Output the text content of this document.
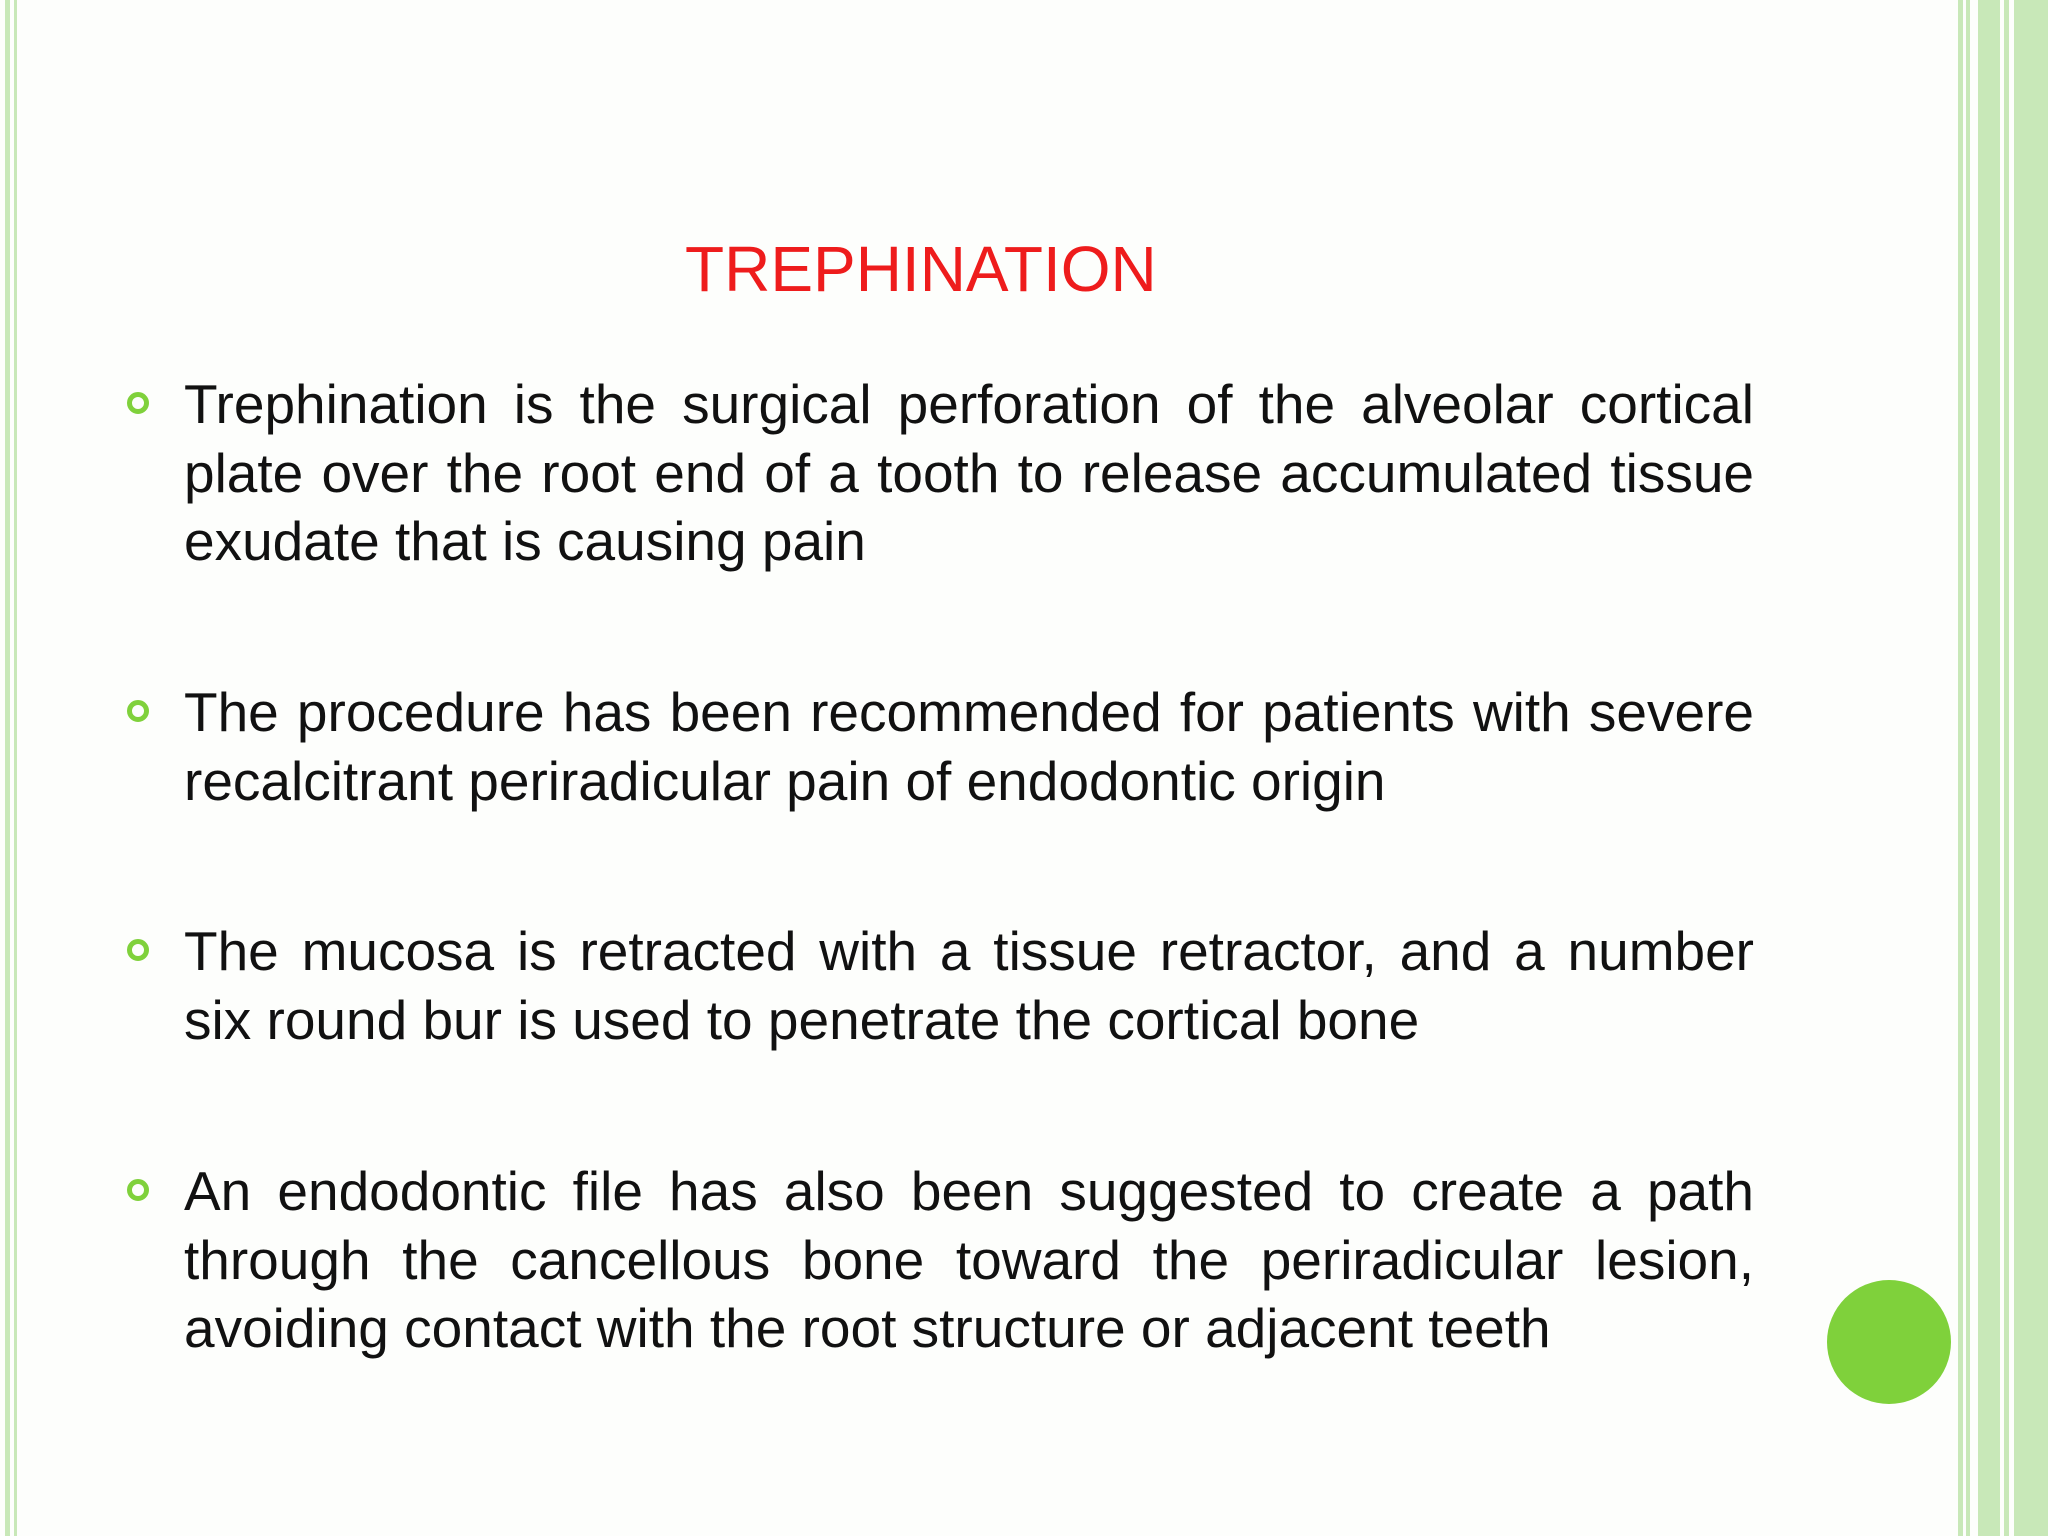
TREPHINATION
Trephination is the surgical perforation of the alveolar cortical plate over the root end of a tooth to release accumulated tissue exudate that is causing pain
The procedure has been recommended for patients with severe recalcitrant periradicular pain of endodontic origin
The mucosa is retracted with a tissue retractor, and a number six round bur is used to penetrate the cortical bone
An endodontic file has also been suggested to create a path through the cancellous bone toward the periradicular lesion, avoiding contact with the root structure or adjacent teeth
